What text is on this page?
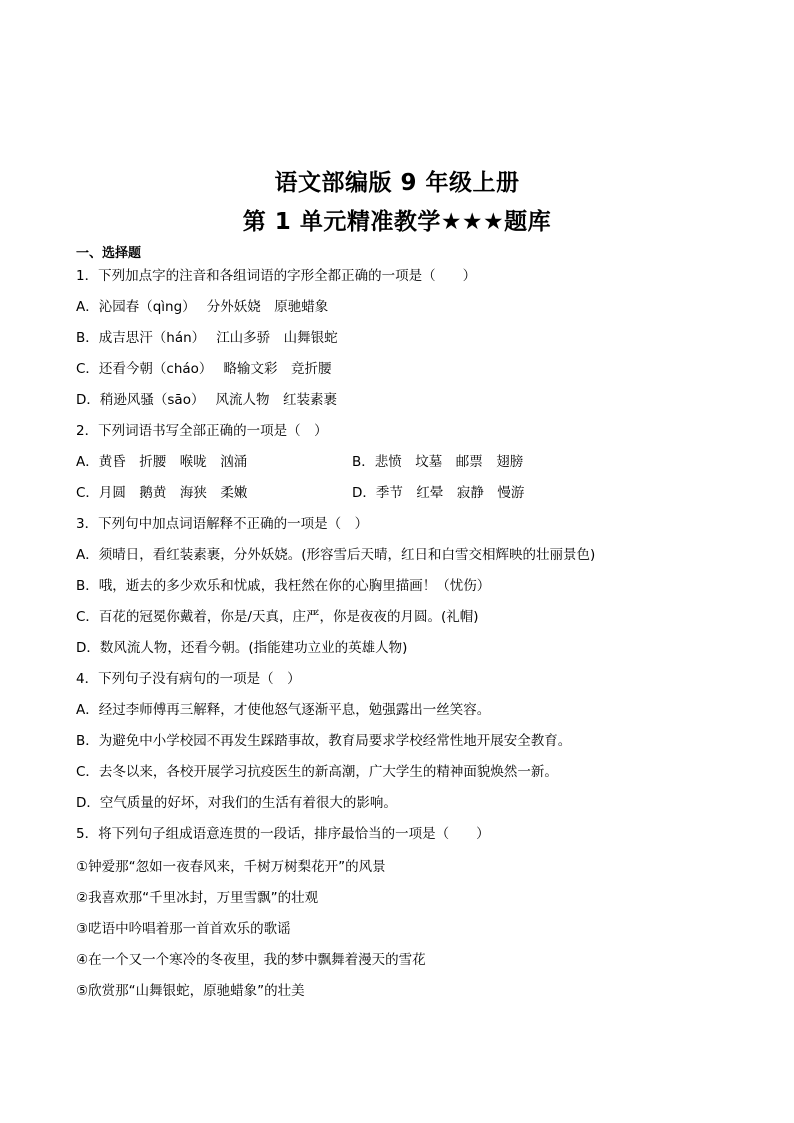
语文部编版 9 年级上册
第 1 单元精准教学★★★题库
一、选择题
1．下列加点字的注音和各组词语的字形全都正确的一项是（　　）
A．沁园春（qìng）　 分外妖娆　原驰蜡象
B．成吉思汗（hán）　 江山多骄　山舞银蛇
C．还看今朝（cháo）　 略输文彩　竞折腰
D．稍逊风骚（sāo）　 风流人物　红装素裹
2．下列词语书写全部正确的一项是（　）
A．黄昏　折腰　喉咙　汹涌	B．悲愤　坟墓　邮票　翅膀
C．月圆　鹅黄　海狭　柔嫩	D．季节　红晕　寂静　慢游
3．下列句中加点词语解释不正确的一项是（　）
A．须晴日，看红装素裹，分外妖娆。(形容雪后天晴，红日和白雪交相辉映的壮丽景色)
B．哦，逝去的多少欢乐和忧戚，我枉然在你的心胸里描画！（忧伤）
C．百花的冠冕你戴着，你是/天真，庄严，你是夜夜的月圆。(礼帽)
D．数风流人物，还看今朝。(指能建功立业的英雄人物)
4．下列句子没有病句的一项是（　）
A．经过李师傅再三解释，才使他怒气逐渐平息，勉强露出一丝笑容。
B．为避免中小学校园不再发生踩踏事故，教育局要求学校经常性地开展安全教育。
C．去冬以来，各校开展学习抗疫医生的新高潮，广大学生的精神面貌焕然一新。
D．空气质量的好坏，对我们的生活有着很大的影响。
5．将下列句子组成语意连贯的一段话，排序最恰当的一项是（　　）
①钟爱那“忽如一夜春风来，千树万树梨花开”的风景
②我喜欢那“千里冰封，万里雪飘”的壮观
③呓语中吟唱着那一首首欢乐的歌谣
④在一个又一个寒冷的冬夜里，我的梦中飘舞着漫天的雪花
⑤欣赏那“山舞银蛇，原驰蜡象”的壮美
